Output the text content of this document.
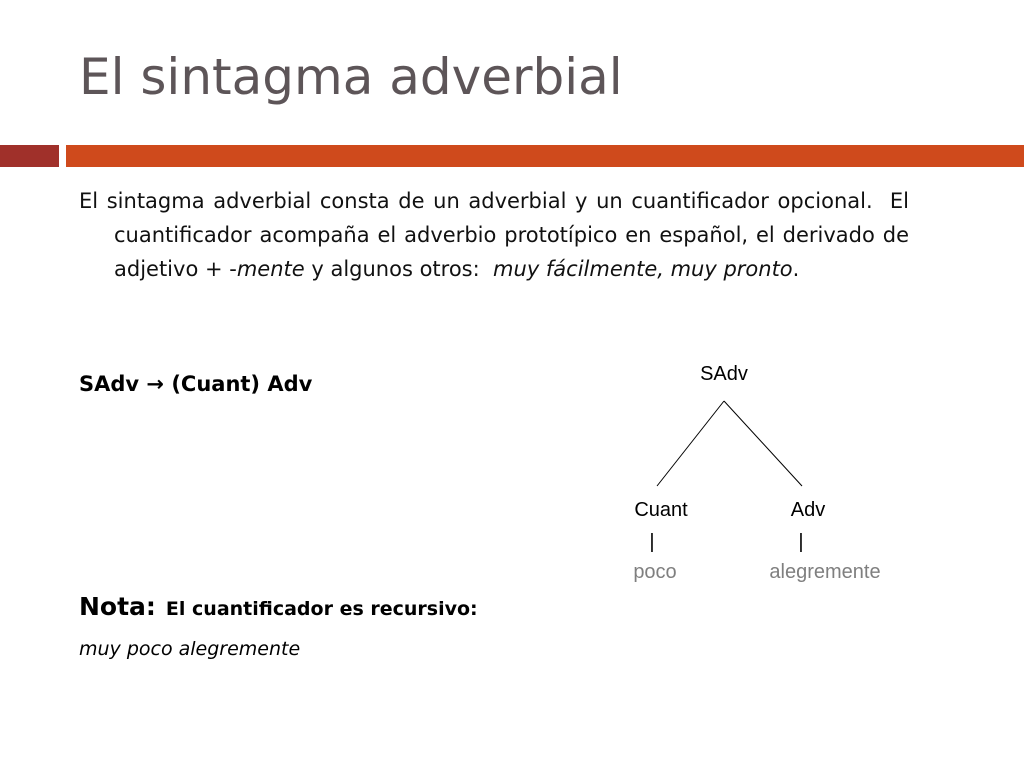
El sintagma adverbial
El sintagma adverbial consta de un adverbial y un cuantificador opcional.  El cuantificador acompaña el adverbio prototípico en español, el derivado de adjetivo + -mente y algunos otros:  muy fácilmente, muy pronto.
SAdv → (Cuant) Adv	SAdv
Cuant	Adv
|	|
poco	alegremente
Nota: El cuantificador es recursivo:
muy poco alegremente
